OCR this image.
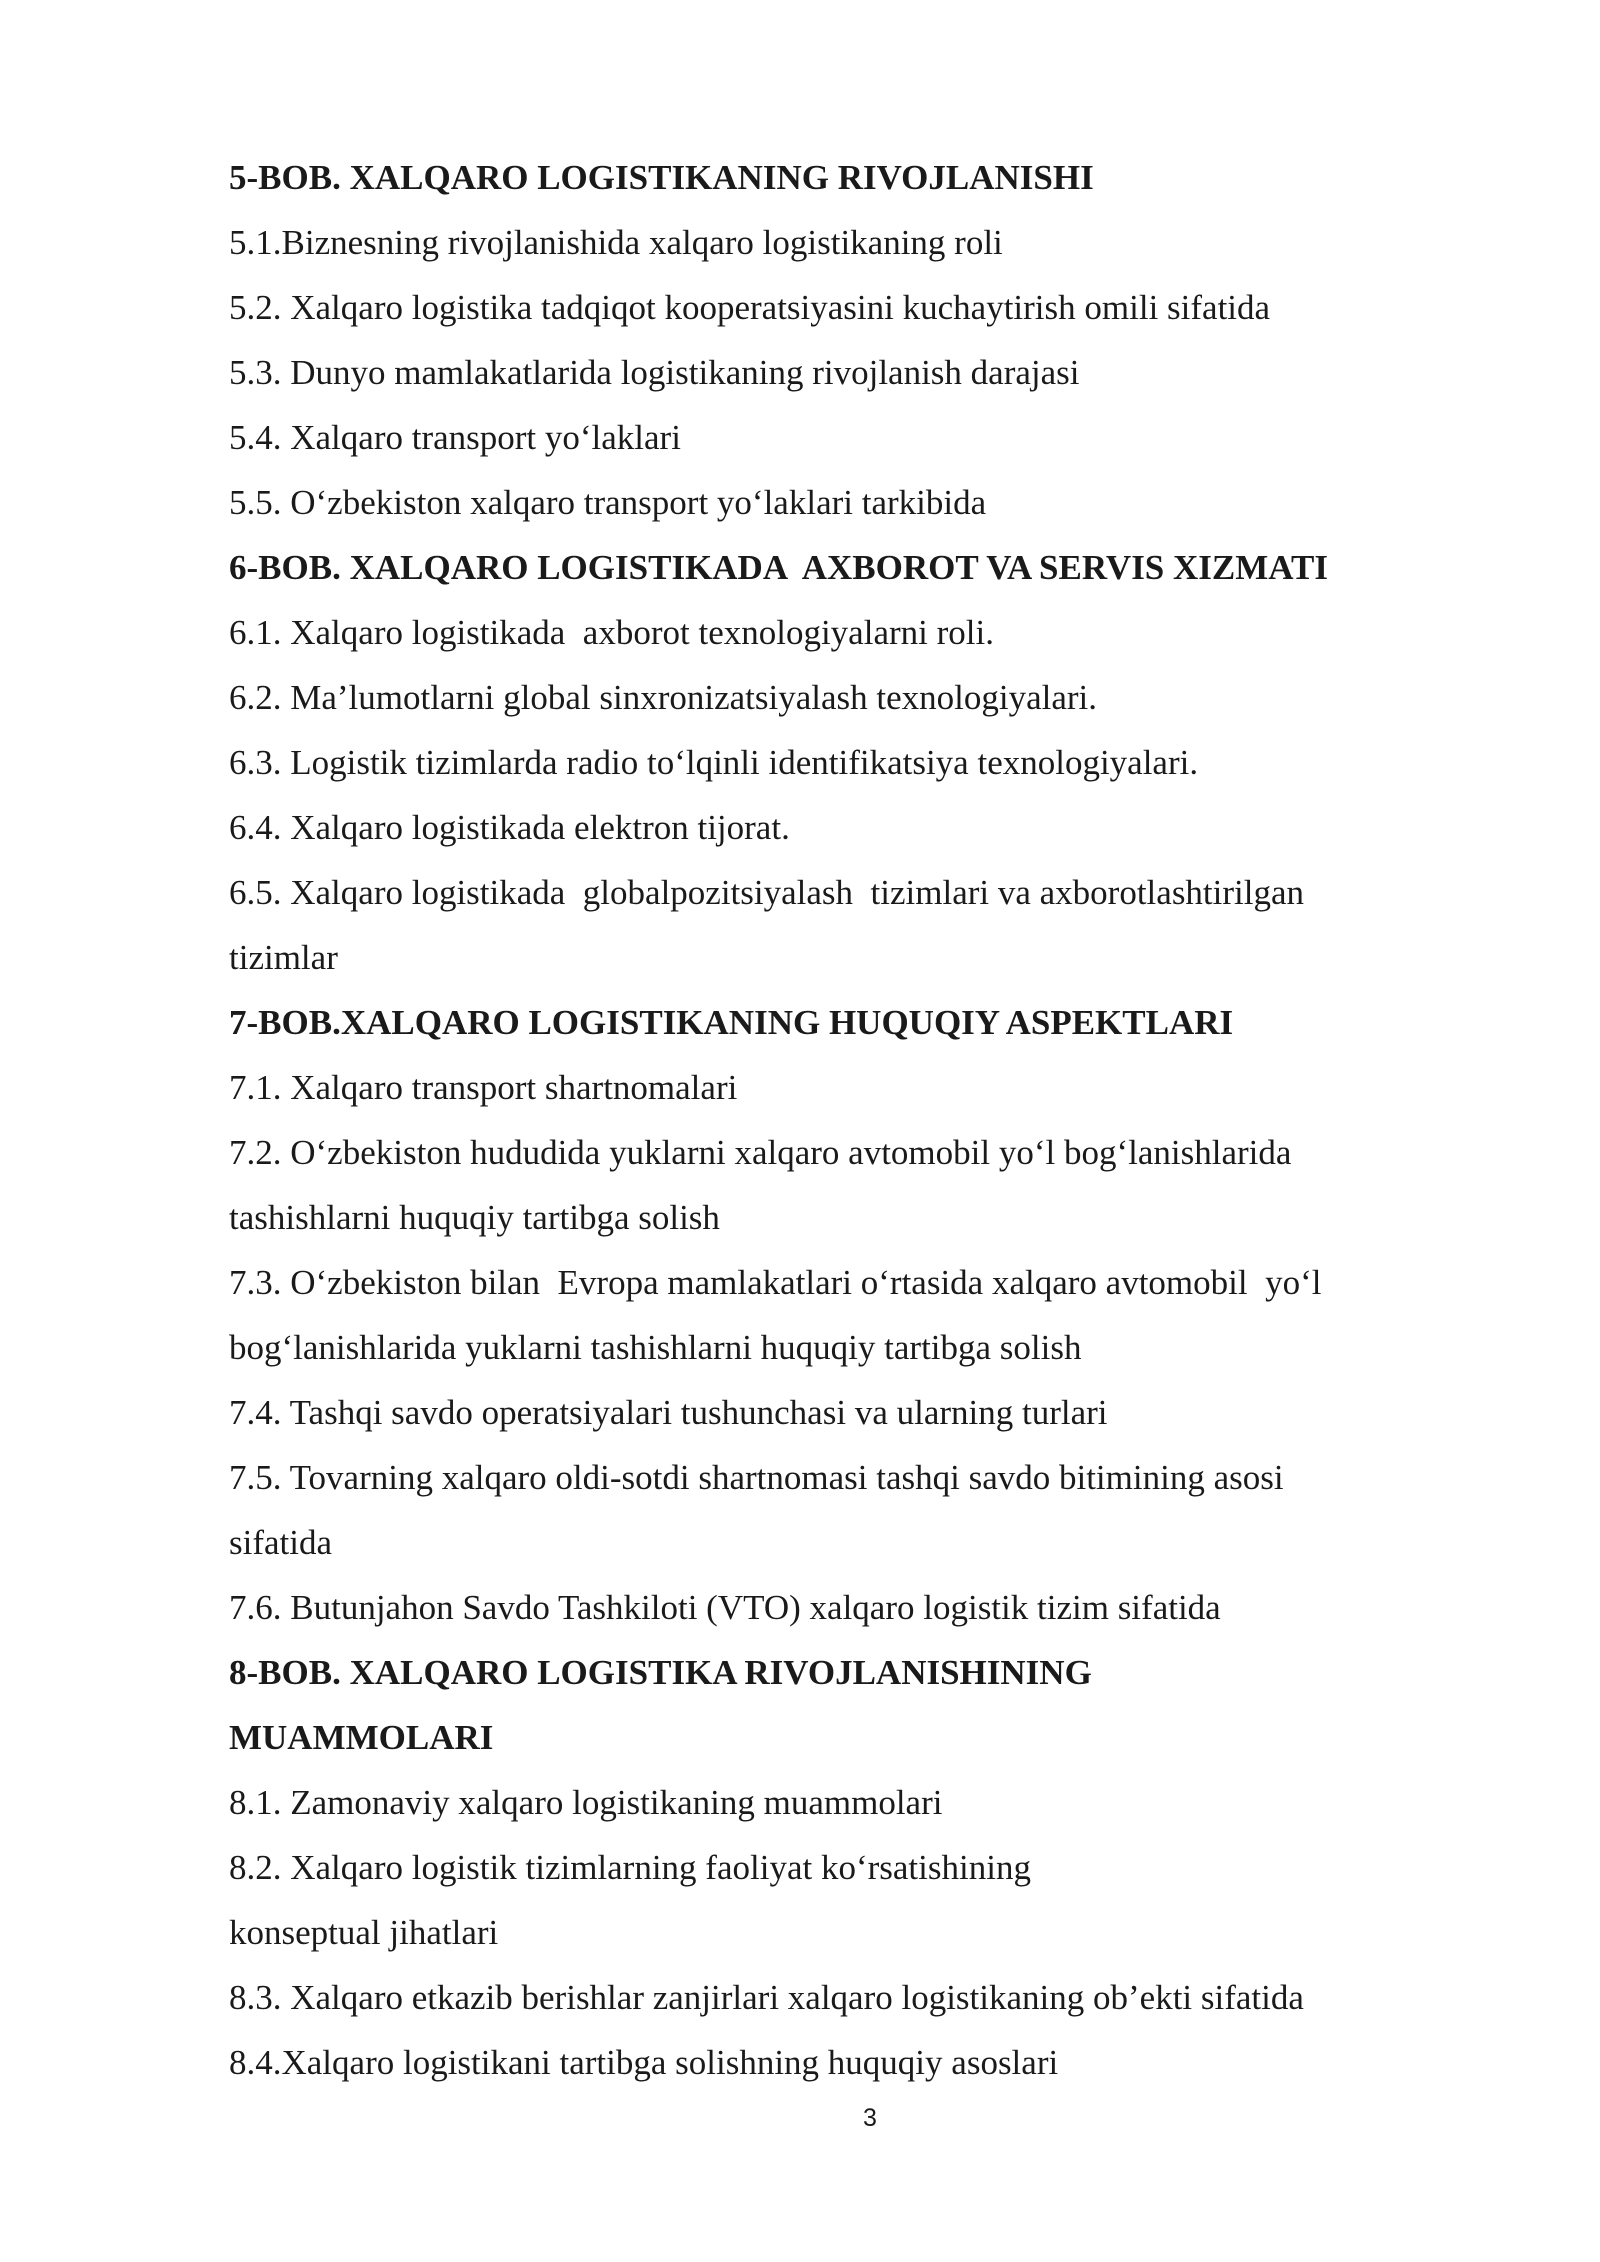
5-BOB. XALQARO LOGISTIKANING RIVOJLANISHI

5.1.Biznesning rivojlanishida xalqaro logistikaning roli

5.2. Xalqaro logistika tadqiqot kooperatsiyasini kuchaytirish omili sifatida

5.3. Dunyo mamlakatlarida logistikaning rivojlanish darajasi

5.4. Xalqaro transport yo‘laklari

5.5. O‘zbekiston xalqaro transport yo‘laklari tarkibida

6-BOB. XALQARO LOGISTIKADA  AXBOROT VA SERVIS XIZMATI

6.1. Xalqaro logistikada  axborot texnologiyalarni roli.

6.2. Ma’lumotlarni global sinxronizatsiyalash texnologiyalari.

6.3. Logistik tizimlarda radio to‘lqinli identifikatsiya texnologiyalari.

6.4. Xalqaro logistikada elektron tijorat.

6.5. Xalqaro logistikada  globalpozitsiyalash  tizimlari va axborotlashtirilgan

tizimlar

7-BOB.XALQARO LOGISTIKANING HUQUQIY ASPEKTLARI

7.1. Xalqaro transport shartnomalari

7.2. O‘zbekiston hududida yuklarni xalqaro avtomobil yo‘l bog‘lanishlarida

tashishlarni huquqiy tartibga solish

7.3. O‘zbekiston bilan  Evropa mamlakatlari o‘rtasida xalqaro avtomobil  yo‘l

bog‘lanishlarida yuklarni tashishlarni huquqiy tartibga solish

7.4. Tashqi savdo operatsiyalari tushunchasi va ularning turlari

7.5. Tovarning xalqaro oldi-sotdi shartnomasi tashqi savdo bitimining asosi

sifatida

7.6. Butunjahon Savdo Tashkiloti (VTO) xalqaro logistik tizim sifatida

8-BOB. XALQARO LOGISTIKA RIVOJLANISHINING

MUAMMOLARI

8.1. Zamonaviy xalqaro logistikaning muammolari

8.2. Xalqaro logistik tizimlarning faoliyat ko‘rsatishining

konseptual jihatlari

8.3. Xalqaro etkazib berishlar zanjirlari xalqaro logistikaning ob’ekti sifatida

8.4.Xalqaro logistikani tartibga solishning huquqiy asoslari

3
